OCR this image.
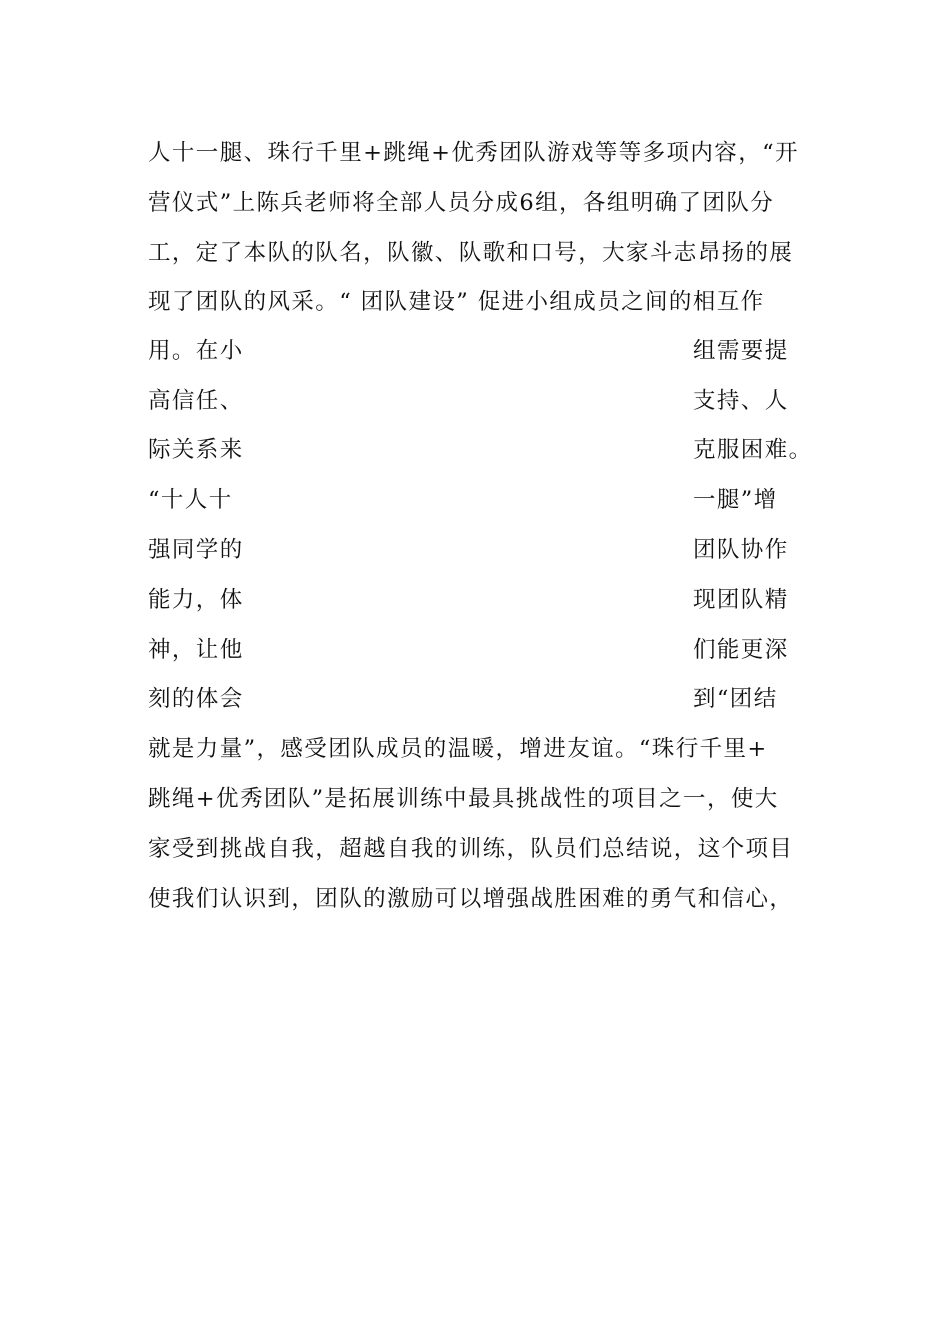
人十一腿、珠行千里+跳绳+优秀团队游戏等等多项内容，“开
营仪式”上陈兵老师将全部人员分成6组，各组明确了团队分
工，定了本队的队名，队徽、队歌和口号，大家斗志昂扬的展
现了团队的风采。“ 团队建设” 促进小组成员之间的相互作
用。在小	组需要提
高信任、	支持、人
际关系来	克服困难。
“十人十	一腿”增
强同学的	团队协作
能力，体	现团队精
神，让他	们能更深
刻的体会	到“团结
就是力量”，感受团队成员的温暖，增进友谊。“珠行千里+
跳绳+优秀团队”是拓展训练中最具挑战性的项目之一，使大
家受到挑战自我，超越自我的训练，队员们总结说，这个项目
使我们认识到，团队的激励可以增强战胜困难的勇气和信心，
